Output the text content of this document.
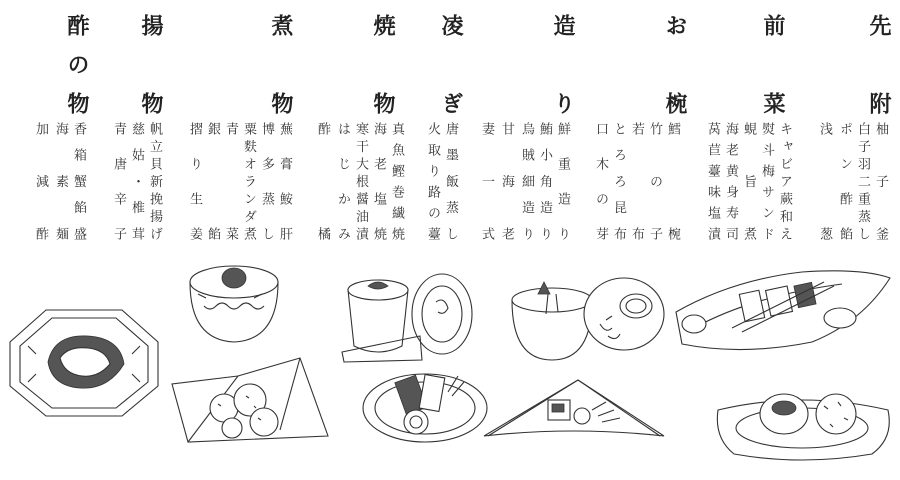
先附
前菜
お椀
造り
凌ぎ
焼物
煮物
揚物
酢の物
柚子釜
白子羽二重蒸し
ポン酢餡
浅葱
キャビア蕨和え
熨斗梅サンド
蜆旨煮
海老黄身寿司
莴苣薹味塩漬
鱈椀
竹の子
若布
とろろ昆布
口木の芽
鮮重造り
鮪小角造り
烏賊細造り
甘海老
妻一式
唐墨飯蒸し
火取り路の薹
真魚鰹巻繊焼
海老塩焼
寒干大根醤油漬
はじかみ
酢橘
蕪膏鮟肝
博多蒸し
粟麩オランダ煮
青菜
銀餡
摺り生姜
帆立貝新挽揚げ
慈姑・椎茸
青唐辛子
香箱蟹餡盛
海素麺
加減酢
